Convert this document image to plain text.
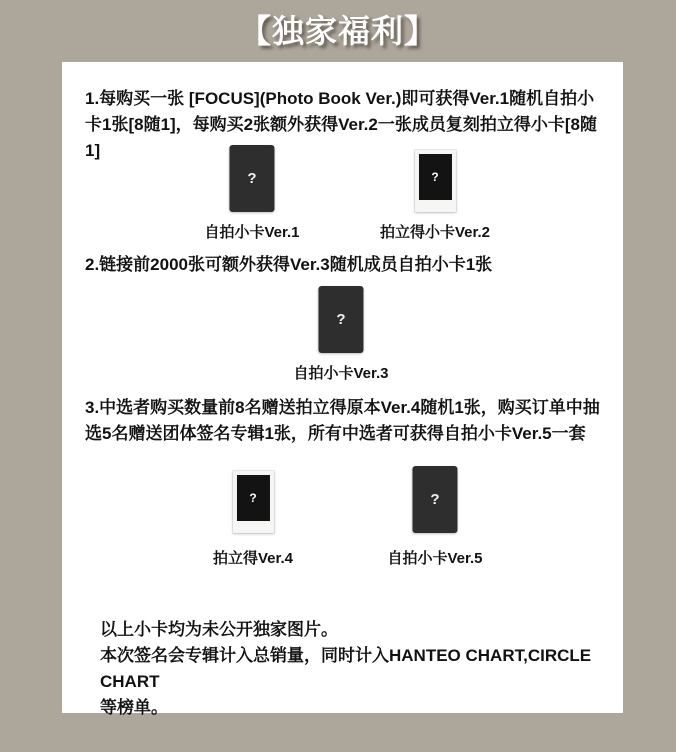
【独家福利】

1.每购买一张 [FOCUS](Photo Book Ver.)即可获得Ver.1随机自拍小卡1张[8随1]，每购买2张额外获得Ver.2一张成员复刻拍立得小卡[8随1]

?
自拍小卡Ver.1
?
拍立得小卡Ver.2

2.链接前2000张可额外获得Ver.3随机成员自拍小卡1张

?
自拍小卡Ver.3

3.中选者购买数量前8名赠送拍立得原本Ver.4随机1张，购买订单中抽选5名赠送团体签名专辑1张，所有中选者可获得自拍小卡Ver.5一套

?
拍立得Ver.4
?
自拍小卡Ver.5

以上小卡均为未公开独家图片。

本次签名会专辑计入总销量，同时计入HANTEO CHART,CIRCLE CHART

等榜单。
